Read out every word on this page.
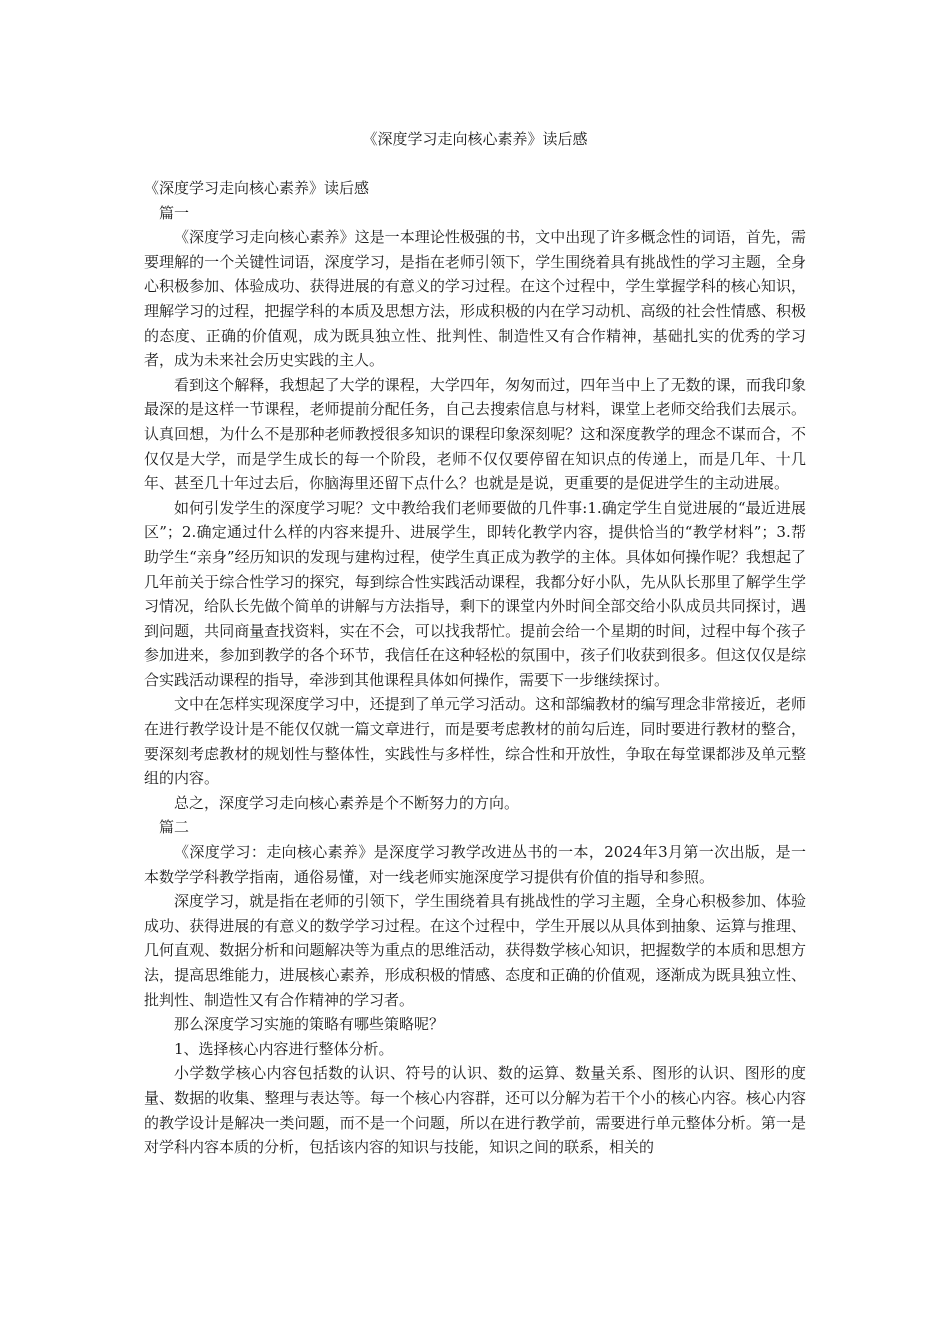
《深度学习走向核心素养》读后感

《深度学习走向核心素养》读后感

篇一

《深度学习走向核心素养》这是一本理论性极强的书，文中出现了许多概念性的词语，首先，需要理解的一个关键性词语，深度学习，是指在老师引领下，学生围绕着具有挑战性的学习主题，全身心积极参加、体验成功、获得进展的有意义的学习过程。在这个过程中，学生掌握学科的核心知识，理解学习的过程，把握学科的本质及思想方法，形成积极的内在学习动机、高级的社会性情感、积极的态度、正确的价值观，成为既具独立性、批判性、制造性又有合作精神，基础扎实的优秀的学习者，成为未来社会历史实践的主人。

看到这个解释，我想起了大学的课程，大学四年，匆匆而过，四年当中上了无数的课，而我印象最深的是这样一节课程，老师提前分配任务，自己去搜索信息与材料，课堂上老师交给我们去展示。认真回想，为什么不是那种老师教授很多知识的课程印象深刻呢？这和深度教学的理念不谋而合，不仅仅是大学，而是学生成长的每一个阶段，老师不仅仅要停留在知识点的传递上，而是几年、十几年、甚至几十年过去后，你脑海里还留下点什么？也就是是说，更重要的是促进学生的主动进展。

如何引发学生的深度学习呢？文中教给我们老师要做的几件事:1.确定学生自觉进展的“最近进展区”；2.确定通过什么样的内容来提升、进展学生，即转化教学内容，提供恰当的“教学材料”；3.帮助学生“亲身”经历知识的发现与建构过程，使学生真正成为教学的主体。具体如何操作呢？我想起了几年前关于综合性学习的探究，每到综合性实践活动课程，我都分好小队，先从队长那里了解学生学习情况，给队长先做个简单的讲解与方法指导，剩下的课堂内外时间全部交给小队成员共同探讨，遇到问题，共同商量查找资料，实在不会，可以找我帮忙。提前会给一个星期的时间，过程中每个孩子参加进来，参加到教学的各个环节，我信任在这种轻松的氛围中，孩子们收获到很多。但这仅仅是综合实践活动课程的指导，牵涉到其他课程具体如何操作，需要下一步继续探讨。

文中在怎样实现深度学习中，还提到了单元学习活动。这和部编教材的编写理念非常接近，老师在进行教学设计是不能仅仅就一篇文章进行，而是要考虑教材的前勾后连，同时要进行教材的整合，要深刻考虑教材的规划性与整体性，实践性与多样性，综合性和开放性，争取在每堂课都涉及单元整组的内容。

总之，深度学习走向核心素养是个不断努力的方向。

篇二

《深度学习：走向核心素养》是深度学习教学改进丛书的一本，2024年3月第一次出版，是一本数学学科教学指南，通俗易懂，对一线老师实施深度学习提供有价值的指导和参照。

深度学习，就是指在老师的引领下，学生围绕着具有挑战性的学习主题，全身心积极参加、体验成功、获得进展的有意义的数学学习过程。在这个过程中，学生开展以从具体到抽象、运算与推理、几何直观、数据分析和问题解决等为重点的思维活动，获得数学核心知识，把握数学的本质和思想方法，提高思维能力，进展核心素养，形成积极的情感、态度和正确的价值观，逐渐成为既具独立性、批判性、制造性又有合作精神的学习者。

那么深度学习实施的策略有哪些策略呢？

1、选择核心内容进行整体分析。

小学数学核心内容包括数的认识、符号的认识、数的运算、数量关系、图形的认识、图形的度量、数据的收集、整理与表达等。每一个核心内容群，还可以分解为若干个小的核心内容。核心内容的教学设计是解决一类问题，而不是一个问题，所以在进行教学前，需要进行单元整体分析。第一是对学科内容本质的分析，包括该内容的知识与技能，知识之间的联系，相关的
